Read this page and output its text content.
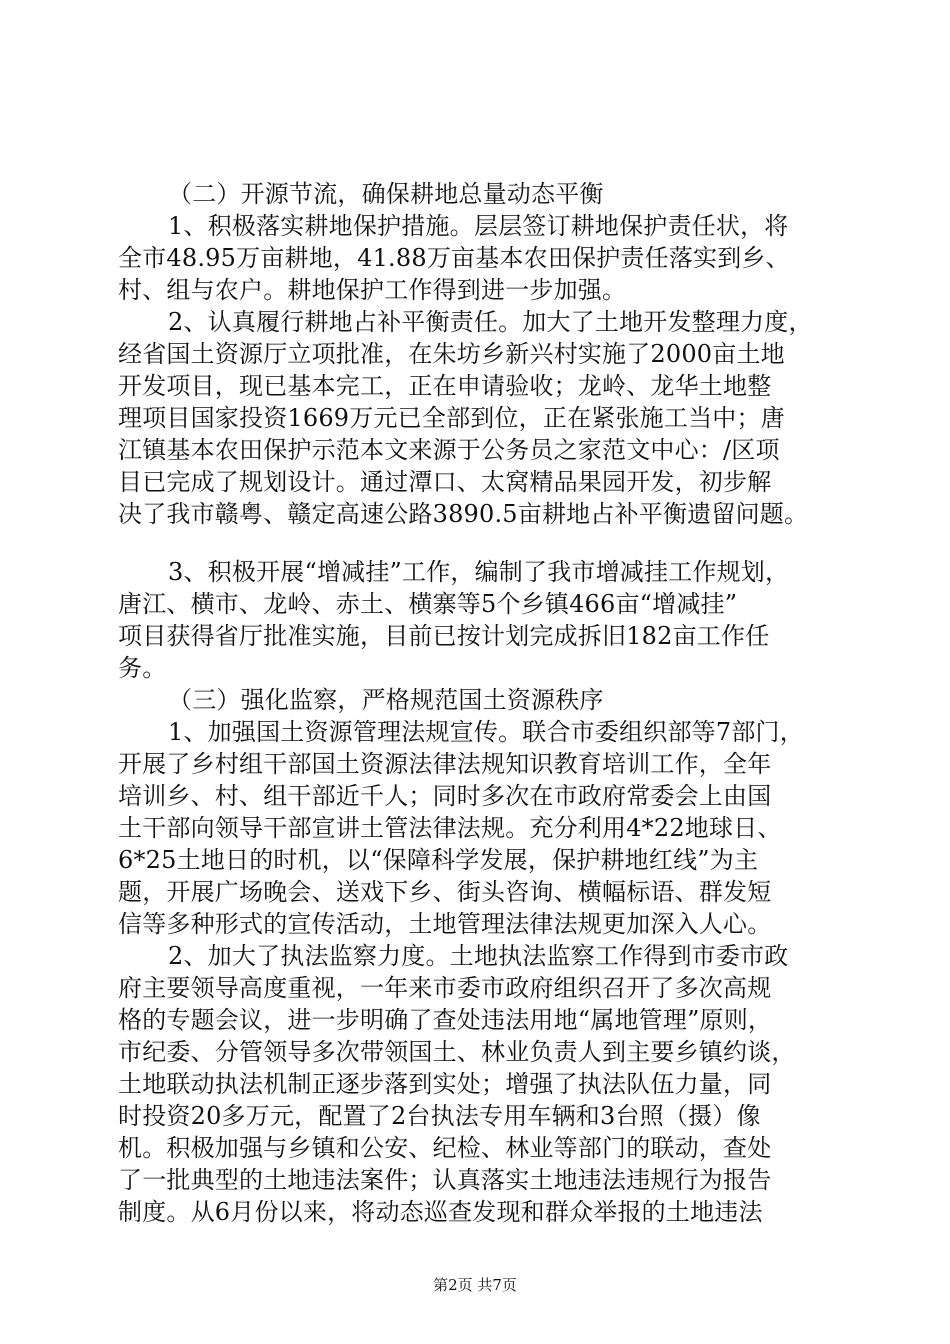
（二）开源节流，确保耕地总量动态平衡
1、积极落实耕地保护措施。层层签订耕地保护责任状，将
全市48.95万亩耕地，41.88万亩基本农田保护责任落实到乡、
村、组与农户。耕地保护工作得到进一步加强。
2、认真履行耕地占补平衡责任。加大了土地开发整理力度，
经省国土资源厅立项批准，在朱坊乡新兴村实施了2000亩土地
开发项目，现已基本完工，正在申请验收；龙岭、龙华土地整
理项目国家投资1669万元已全部到位，正在紧张施工当中；唐
江镇基本农田保护示范本文来源于公务员之家范文中心：/区项
目已完成了规划设计。通过潭口、太窝精品果园开发，初步解
决了我市赣粤、赣定高速公路3890.5亩耕地占补平衡遗留问题。
3、积极开展“增减挂”工作，编制了我市增减挂工作规划，
唐江、横市、龙岭、赤土、横寨等5个乡镇466亩“增减挂”
项目获得省厅批准实施，目前已按计划完成拆旧182亩工作任
务。
（三）强化监察，严格规范国土资源秩序
1、加强国土资源管理法规宣传。联合市委组织部等7部门，
开展了乡村组干部国土资源法律法规知识教育培训工作，全年
培训乡、村、组干部近千人；同时多次在市政府常委会上由国
土干部向领导干部宣讲土管法律法规。充分利用4*22地球日、
6*25土地日的时机，以“保障科学发展，保护耕地红线”为主
题，开展广场晚会、送戏下乡、街头咨询、横幅标语、群发短
信等多种形式的宣传活动，土地管理法律法规更加深入人心。
2、加大了执法监察力度。土地执法监察工作得到市委市政
府主要领导高度重视，一年来市委市政府组织召开了多次高规
格的专题会议，进一步明确了查处违法用地“属地管理”原则，
市纪委、分管领导多次带领国土、林业负责人到主要乡镇约谈，
土地联动执法机制正逐步落到实处；增强了执法队伍力量，同
时投资20多万元，配置了2台执法专用车辆和3台照（摄）像
机。积极加强与乡镇和公安、纪检、林业等部门的联动，查处
了一批典型的土地违法案件；认真落实土地违法违规行为报告
制度。从6月份以来，将动态巡查发现和群众举报的土地违法
第2页 共7页
